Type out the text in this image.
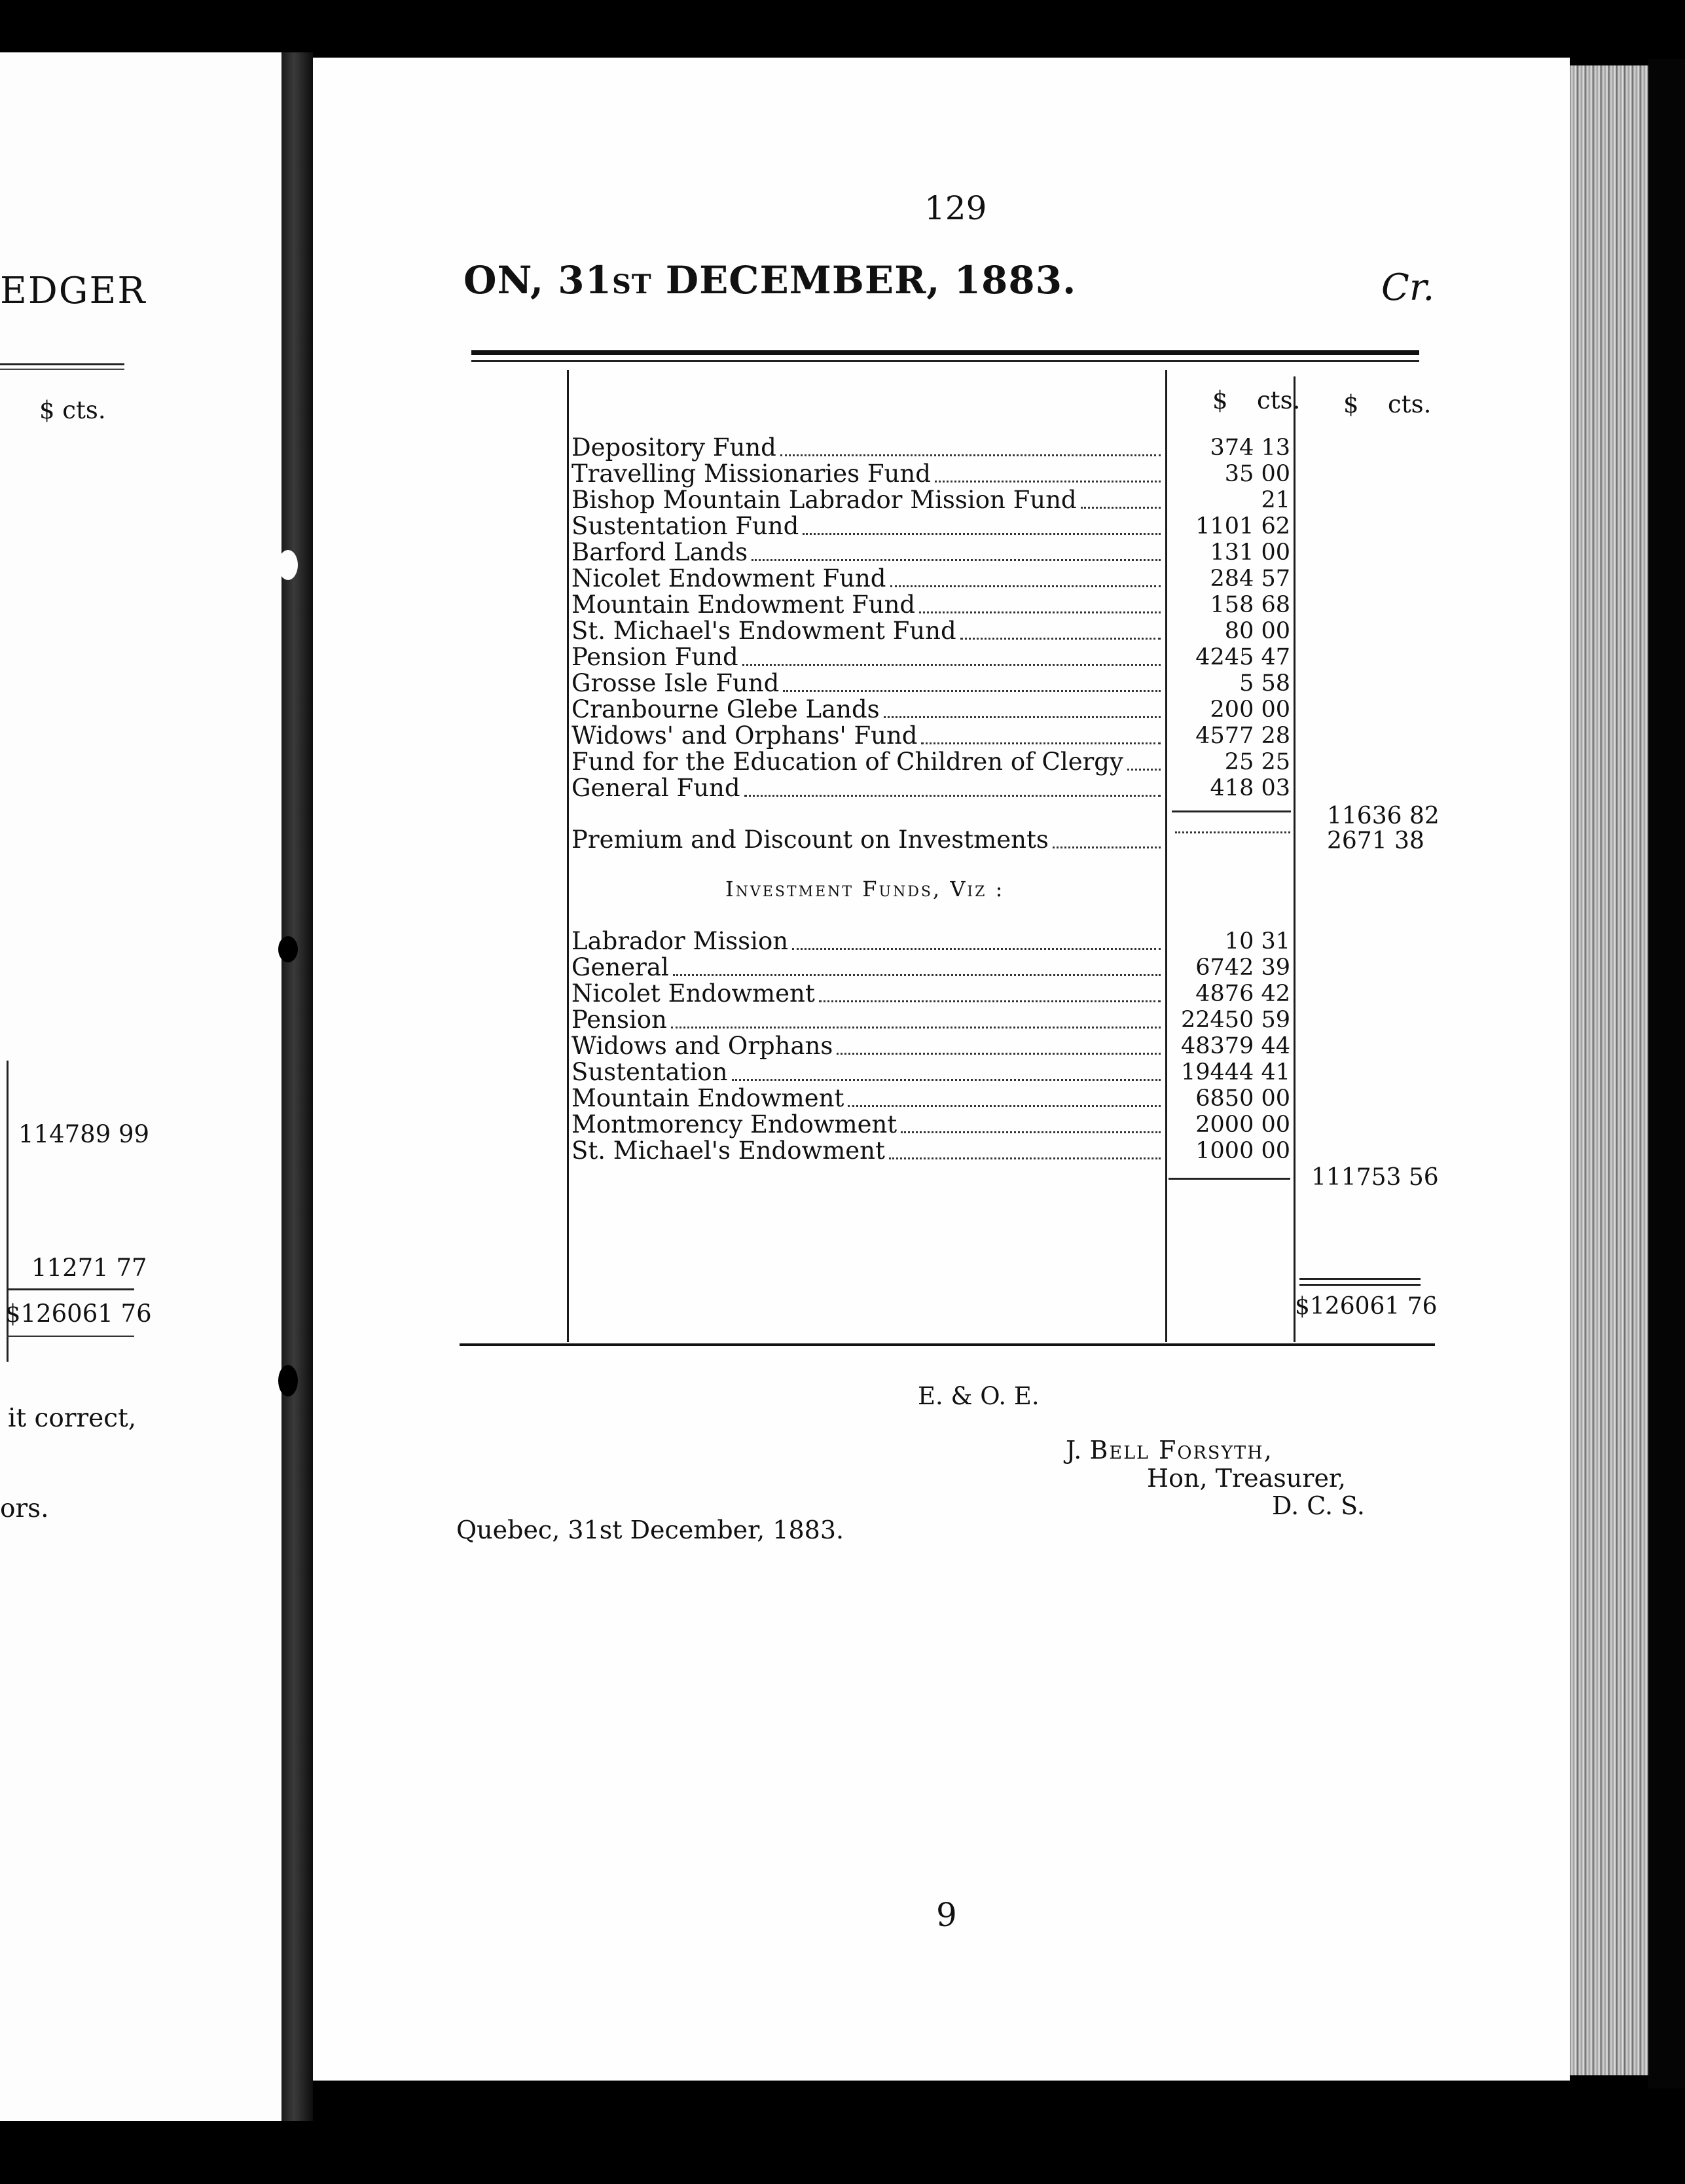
EDGER
$ cts.
114789 99
11271 77
$126061 76
it correct,
ors.
129
ON, 31ST DECEMBER, 1883.	Cr.
$ cts. $ cts.
Depository Fund	374 13
Travelling Missionaries Fund	35 00
Bishop Mountain Labrador Mission Fund	21
Sustentation Fund	1101 62
Barford Lands	131 00
Nicolet Endowment Fund	284 57
Mountain Endowment Fund	158 68
St. Michael's Endowment Fund	80 00
Pension Fund	4245 47
Grosse Isle Fund	5 58
Cranbourne Glebe Lands	200 00
Widows' and Orphans' Fund	4577 28
Fund for the Education of Children of Clergy	25 25
General Fund	418 03
11636 82
Premium and Discount on Investments	2671 38
Investment Funds, Viz :
Labrador Mission	10 31
General	6742 39
Nicolet Endowment	4876 42
Pension	22450 59
Widows and Orphans	48379 44
Sustentation	19444 41
Mountain Endowment	6850 00
Montmorency Endowment	2000 00
St. Michael's Endowment	1000 00
111753 56
$126061 76
E. & O. E.
J. Bell Forsyth,
Hon, Treasurer,
D. C. S.
Quebec, 31st December, 1883.
9
